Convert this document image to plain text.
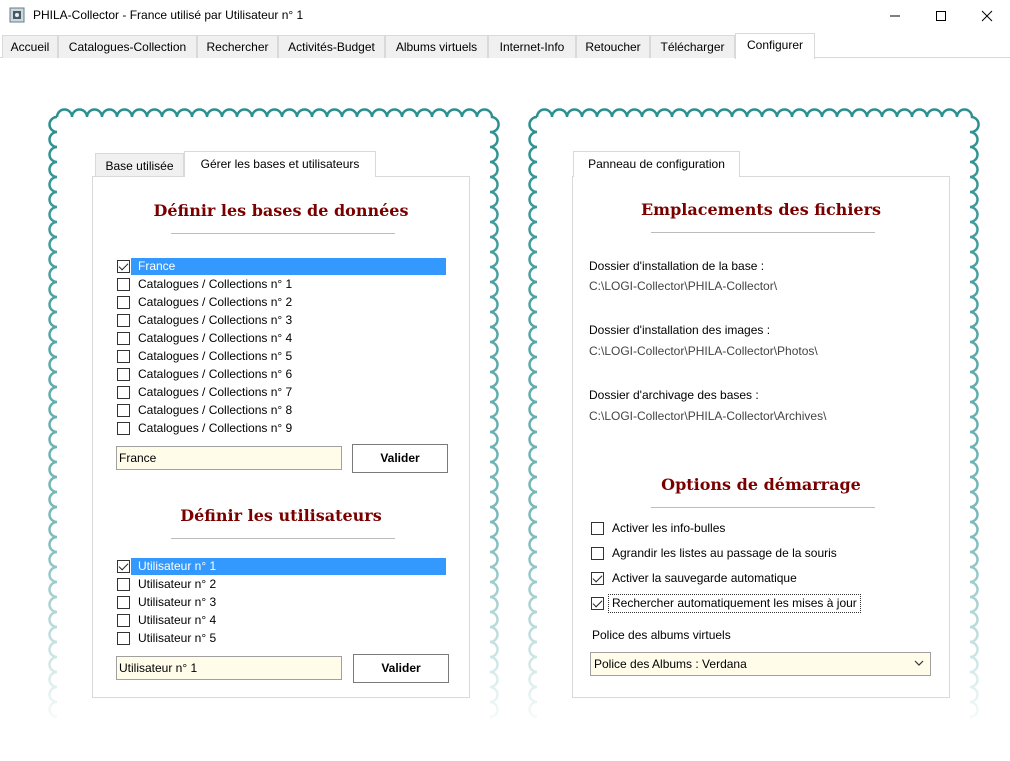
PHILA-Collector - France utilisé par Utilisateur n° 1
Accueil	Catalogues-Collection	Rechercher	Activités-Budget	Albums virtuels	Internet-Info	Retoucher	Télécharger	Configurer
Base utilisée	Gérer les bases et utilisateurs
Définir les bases de données
France
Catalogues / Collections n° 1
Catalogues / Collections n° 2
Catalogues / Collections n° 3
Catalogues / Collections n° 4
Catalogues / Collections n° 5
Catalogues / Collections n° 6
Catalogues / Collections n° 7
Catalogues / Collections n° 8
Catalogues / Collections n° 9
France	Valider
Définir les utilisateurs
Utilisateur n° 1
Utilisateur n° 2
Utilisateur n° 3
Utilisateur n° 4
Utilisateur n° 5
Utilisateur n° 1	Valider
Panneau de configuration
Emplacements des fichiers
Dossier d'installation de la base :
C:\LOGI-Collector\PHILA-Collector\
Dossier d'installation des images :
C:\LOGI-Collector\PHILA-Collector\Photos\
Dossier d'archivage des bases :
C:\LOGI-Collector\PHILA-Collector\Archives\
Options de démarrage
Activer les info-bulles
Agrandir les listes au passage de la souris
Activer la sauvegarde automatique
Rechercher automatiquement les mises à jour
Police des albums virtuels
Police des Albums : Verdana
